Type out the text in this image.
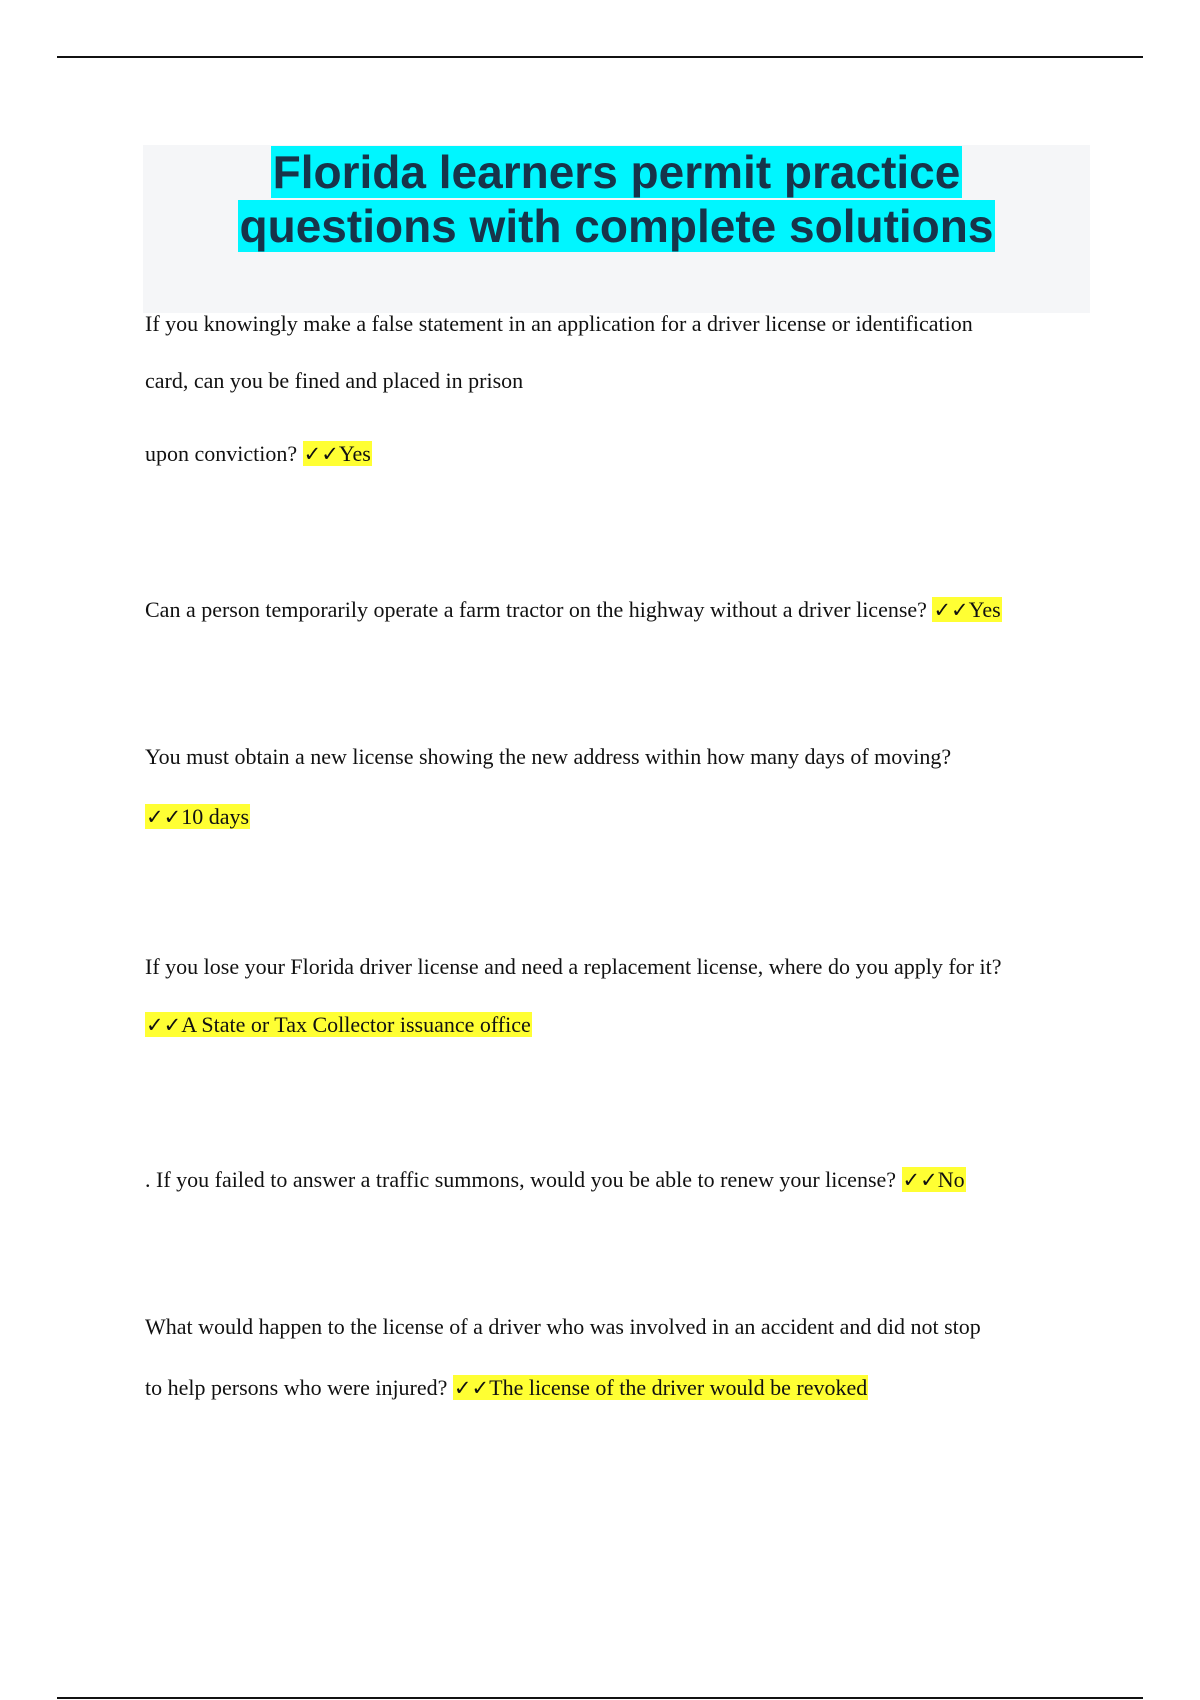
Florida learners permit practice
questions with complete solutions
If you knowingly make a false statement in an application for a driver license or identification
card, can you be fined and placed in prison
upon conviction? ✓✓Yes
Can a person temporarily operate a farm tractor on the highway without a driver license? ✓✓Yes
You must obtain a new license showing the new address within how many days of moving?
✓✓10 days
If you lose your Florida driver license and need a replacement license, where do you apply for it?
✓✓A State or Tax Collector issuance office
. If you failed to answer a traffic summons, would you be able to renew your license? ✓✓No
What would happen to the license of a driver who was involved in an accident and did not stop
to help persons who were injured? ✓✓The license of the driver would be revoked
